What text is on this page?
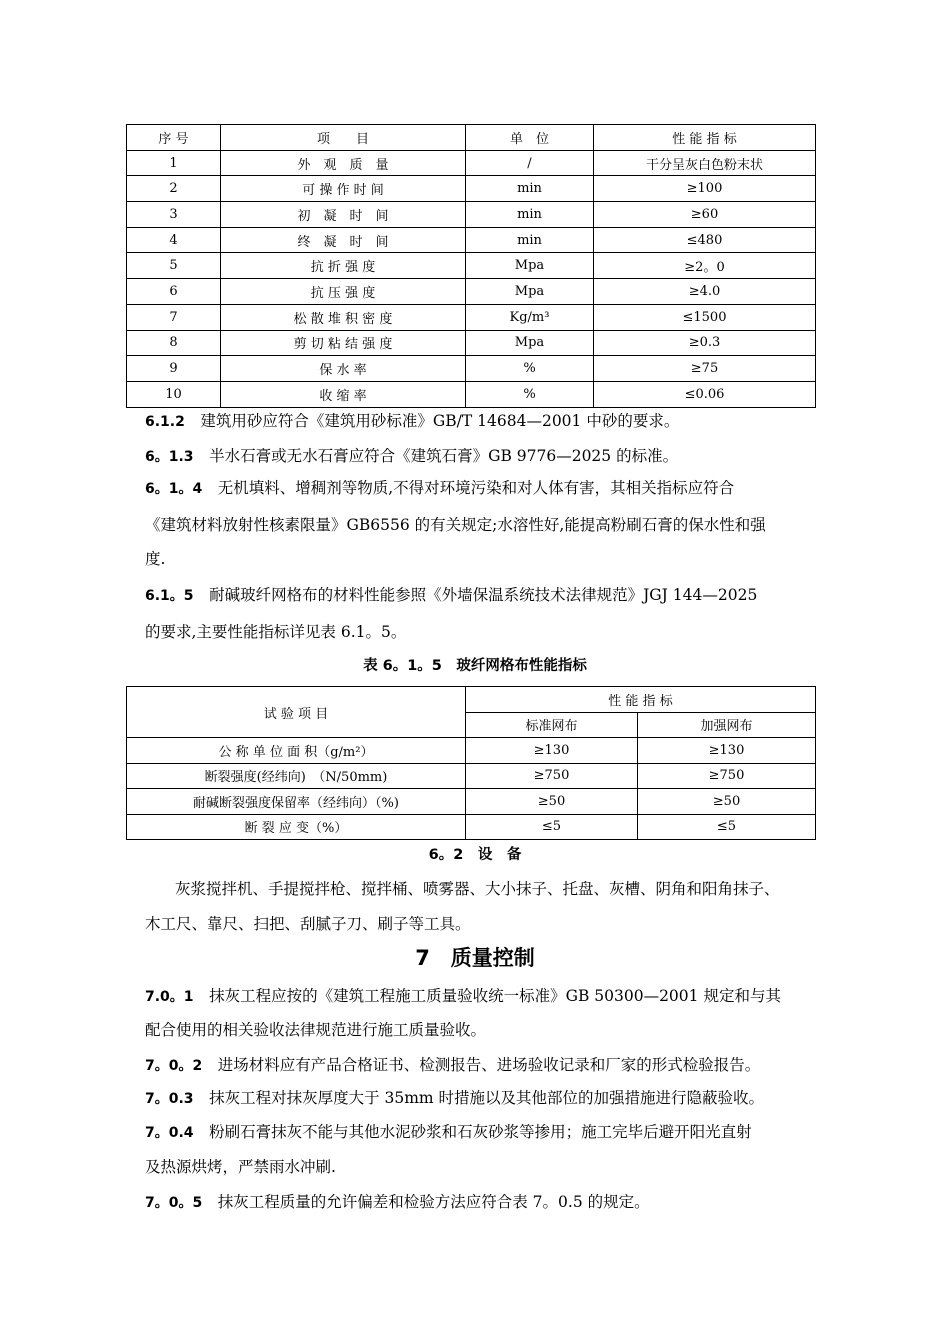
序 号	项　　目	单　位	性 能 指 标
1	外　观　质　量	/	干分呈灰白色粉末状
2	可 操 作 时 间	min	≥100
3	初　凝　时　间	min	≥60
4	终　凝　时　间	min	≤480
5	抗 折 强 度	Mpa	≥2。0
6	抗 压 强 度	Mpa	≥4.0
7	松 散 堆 积 密 度	Kg/m³	≤1500
8	剪 切 粘 结 强 度	Mpa	≥0.3
9	保 水 率	%	≥75
10	收 缩 率	%	≤0.06
6.1.2　 建筑用砂应符合《建筑用砂标准》GB/T 14684—2001 中砂的要求。
6。1.3　 半水石膏或无水石膏应符合《建筑石膏》GB 9776—2025 的标准。
6。1。4　 无机填料、增稠剂等物质,不得对环境污染和对人体有害，其相关指标应符合
《建筑材料放射性核素限量》GB6556 的有关规定;水溶性好,能提高粉刷石膏的保水性和强
度.
6.1。5　 耐碱玻纤网格布的材料性能参照《外墙保温系统技术法律规范》JGJ 144—2025
的要求,主要性能指标详见表 6.1。5。
表 6。1。5　玻纤网格布性能指标
试 验 项 目	性 能 指 标	
	标准网布	加强网布
公 称 单 位 面 积（g/m²）	≥130	≥130
断裂强度(经纬向)　（N/50mm)	≥750	≥750
耐碱断裂强度保留率（经纬向）（%)	≥50	≥50
断 裂 应 变（%）	≤5	≤5
6。2　设　备
灰浆搅拌机、手提搅拌枪、搅拌桶、喷雾器、大小抹子、托盘、灰槽、阴角和阳角抹子、
木工尺、靠尺、扫把、刮腻子刀、刷子等工具。
7　质量控制
7.0。1　 抹灰工程应按的《建筑工程施工质量验收统一标准》GB 50300—2001 规定和与其
配合使用的相关验收法律规范进行施工质量验收。
7。0。2　 进场材料应有产品合格证书、检测报告、进场验收记录和厂家的形式检验报告。
7。0.3　 抹灰工程对抹灰厚度大于 35mm 时措施以及其他部位的加强措施进行隐蔽验收。
7。0.4　 粉刷石膏抹灰不能与其他水泥砂浆和石灰砂浆等掺用；施工完毕后避开阳光直射
及热源烘烤，严禁雨水冲刷.
7。0。5　 抹灰工程质量的允许偏差和检验方法应符合表 7。0.5 的规定。
